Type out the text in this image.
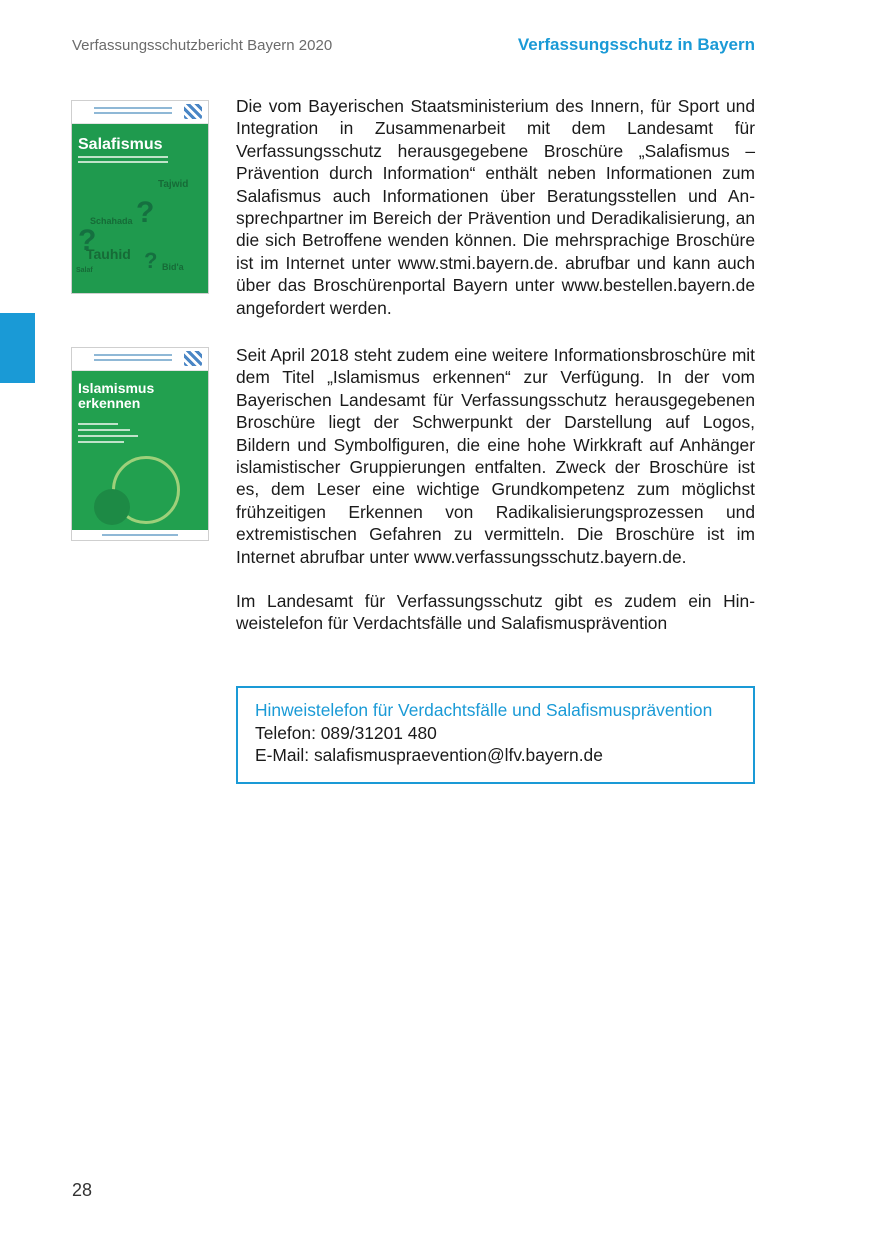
Verfassungsschutzbericht Bayern 2020	Verfassungsschutz in Bayern
Salafismus
Tajwid
Schahada
Tauhid
Salaf	Bid'a
?
?
?
Islamismus erkennen

Die vom Bayerischen Staatsministerium des Innern, für Sport und Integration in Zusammenarbeit mit dem Landesamt für Verfassungsschutz herausgegebene Broschüre „Salafismus – Prävention durch Information“ enthält neben Informationen zum Salafismus auch Informationen über Beratungsstellen und Ansprechpartner im Bereich der Prävention und Deradikalisierung, an die sich Betroffene wenden können. Die mehrsprachige Broschüre ist im Internet unter www.stmi.bayern.de. abrufbar und kann auch über das Broschürenportal Bayern unter www.bestellen.bayern.de angefordert werden.

Seit April 2018 steht zudem eine weitere Informationsbroschüre mit dem Titel „Islamismus erkennen“ zur Verfügung. In der vom Bayerischen Landesamt für Verfassungsschutz herausgegebenen Broschüre liegt der Schwerpunkt der Darstellung auf Logos, Bildern und Symbolfiguren, die eine hohe Wirkkraft auf Anhänger islamistischer Gruppierungen entfalten. Zweck der Broschüre ist es, dem Leser eine wichtige Grundkompetenz zum möglichst frühzeitigen Erkennen von Radikalisierungsprozessen und extremistischen Gefahren zu vermitteln. Die Broschüre ist im Internet abrufbar unter www.verfassungsschutz.bayern.de.

Im Landesamt für Verfassungsschutz gibt es zudem ein Hinweistelefon für Verdachtsfälle und Salafismusprävention

Hinweistelefon für Verdachtsfälle und Salafismusprävention
Telefon: 089/31201 480
E-Mail: salafismuspraevention@lfv.bayern.de
28
